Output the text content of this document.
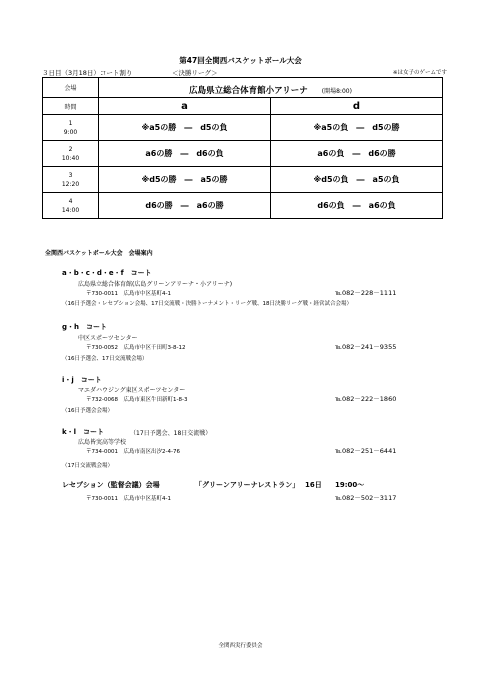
第47回全関西バスケットボール大会
３日目（3月18日）コート割り	＜決勝リーグ＞	※は女子のゲームです
会場	広島県立総合体育館小アリーナ (開場8:00)	
時間	a	d

1
9:00	※a5の勝　―　d5の負	※a5の負　―　d5の勝

2
10:40	a6の勝　―　d6の負	a6の負　―　d6の勝

3
12:20	※d5の勝　―　a5の勝	※d5の負　―　a5の負

4
14:00	d6の勝　―　a6の勝	d6の負　―　a6の負
全関西バスケットボール大会　会場案内
a・b・c・d・e・f　コート
広島県立総合体育館(広島グリーンアリーナ・小アリーナ)
〒730-0011　広島市中区基町4-1	℡082－228－1111
（16日予選会・レセプション会場、17日交流戦・決勝トーナメント・リーグ戦、18日決勝リーグ戦・経営試合会場）
g・h　コート
中区スポーツセンター
〒730-0052　広島市中区千田町3-8-12	℡082－241－9355
（16日予選会、17日交流戦会場）
i・j　コート
マエダハウジング東区スポーツセンター
〒732-0068　広島市東区牛田新町1-8-3	℡082－222－1860
（16日予選会会場）
k・l　コート	（17日予選会、18日交流戦）
広島皆実高等学校
〒734-0001　広島市南区出汐2-4-76	℡082－251－6441
（17日交流戦会場）
レセプション（監督会議）会場	「グリーンアリーナレストラン」 16日 19:00～
〒730-0011　広島市中区基町4-1	℡082－502－3117
全関西実行委員会
